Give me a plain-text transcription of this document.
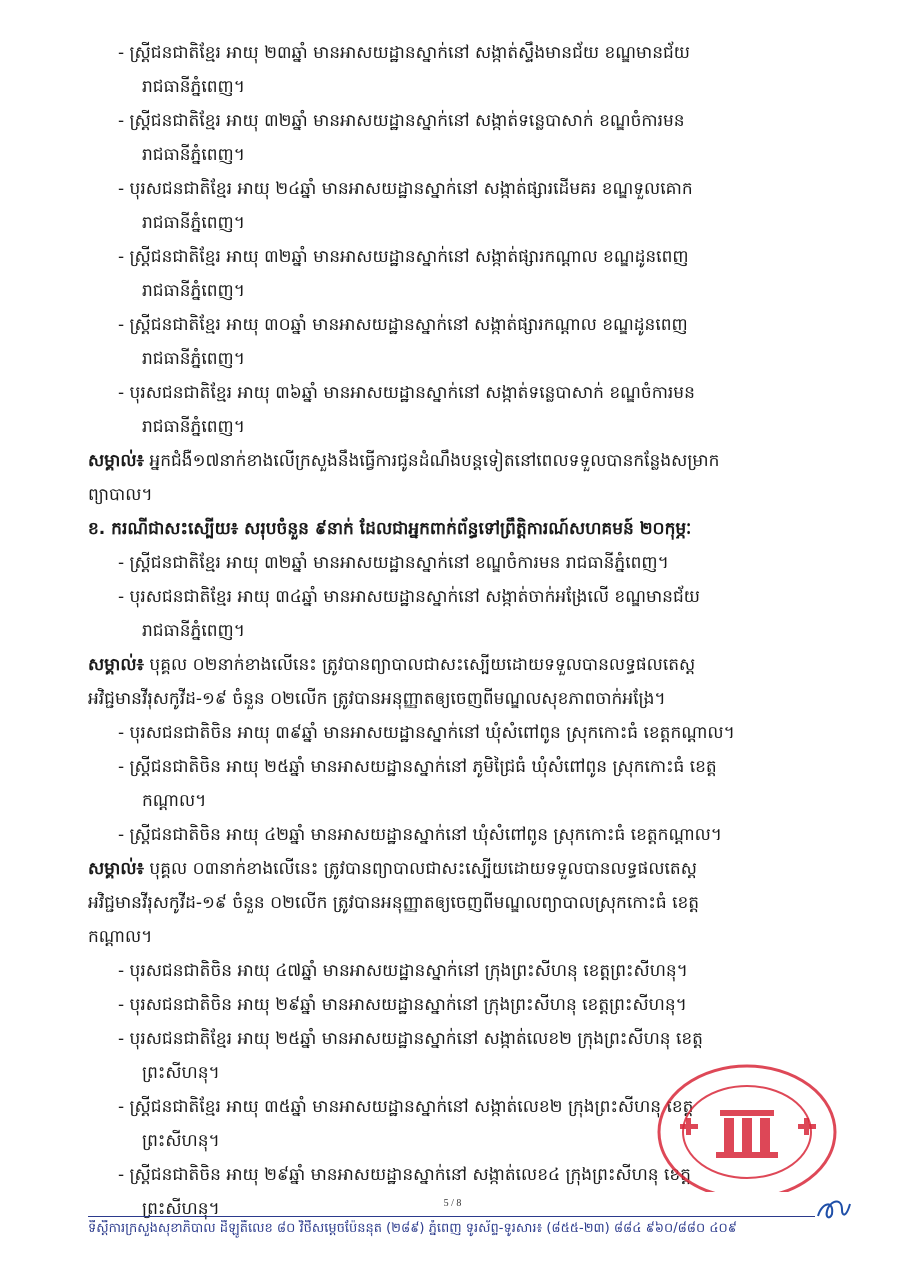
- ស្ត្រីជនជាតិខ្មែរ អាយុ ២៣ឆ្នាំ មានអាសយដ្ឋានស្នាក់នៅ សង្កាត់ស្ទឹងមានជ័យ ខណ្ឌមានជ័យ
រាជធានីភ្នំពេញ។
- ស្ត្រីជនជាតិខ្មែរ អាយុ ៣២ឆ្នាំ មានអាសយដ្ឋានស្នាក់នៅ សង្កាត់ទន្លេបាសាក់ ខណ្ឌចំការមន
រាជធានីភ្នំពេញ។
- បុរសជនជាតិខ្មែរ អាយុ ២៤ឆ្នាំ មានអាសយដ្ឋានស្នាក់នៅ សង្កាត់ផ្សារដើមគរ ខណ្ឌទួលគោក
រាជធានីភ្នំពេញ។
- ស្ត្រីជនជាតិខ្មែរ អាយុ ៣២ឆ្នាំ មានអាសយដ្ឋានស្នាក់នៅ សង្កាត់ផ្សារកណ្ដាល ខណ្ឌដូនពេញ
រាជធានីភ្នំពេញ។
- ស្ត្រីជនជាតិខ្មែរ អាយុ ៣០ឆ្នាំ មានអាសយដ្ឋានស្នាក់នៅ សង្កាត់ផ្សារកណ្ដាល ខណ្ឌដូនពេញ
រាជធានីភ្នំពេញ។
- បុរសជនជាតិខ្មែរ អាយុ ៣៦ឆ្នាំ មានអាសយដ្ឋានស្នាក់នៅ សង្កាត់ទន្លេបាសាក់ ខណ្ឌចំការមន
រាជធានីភ្នំពេញ។
សម្គាល់៖ អ្នកជំងឺ១៧នាក់ខាងលើក្រសួងនឹងធ្វើការជូនដំណឹងបន្តទៀតនៅពេលទទួលបានកន្លែងសម្រាក
ព្យាបាល។
ខ. ករណីជាសះស្បើយ៖ សរុបចំនួន ៩នាក់ ដែលជាអ្នកពាក់ព័ន្ធទៅព្រឹត្តិការណ៍សហគមន៍ ២០កុម្ភៈ
- ស្ត្រីជនជាតិខ្មែរ អាយុ ៣២ឆ្នាំ មានអាសយដ្ឋានស្នាក់នៅ ខណ្ឌចំការមន រាជធានីភ្នំពេញ។
- បុរសជនជាតិខ្មែរ អាយុ ៣៤ឆ្នាំ មានអាសយដ្ឋានស្នាក់នៅ សង្កាត់ចាក់អង្រែលើ ខណ្ឌមានជ័យ
រាជធានីភ្នំពេញ។
សម្គាល់៖ បុគ្គល ០២នាក់ខាងលើនេះ ត្រូវបានព្យាបាលជាសះស្បើយដោយទទួលបានលទ្ធផលតេស្ត
អវិជ្ជមានវីរុសកូវីដ-១៩ ចំនួន ០២លើក ត្រូវបានអនុញ្ញាតឲ្យចេញពីមណ្ឌលសុខភាពចាក់អង្រែ។
- បុរសជនជាតិចិន អាយុ ៣៩ឆ្នាំ មានអាសយដ្ឋានស្នាក់នៅ ឃុំសំពៅពូន ស្រុកកោះធំ ខេត្តកណ្ដាល។
- ស្ត្រីជនជាតិចិន អាយុ ២៥ឆ្នាំ មានអាសយដ្ឋានស្នាក់នៅ ភូមិជ្រៃធំ ឃុំសំពៅពូន ស្រុកកោះធំ ខេត្ត
កណ្ដាល។
- ស្ត្រីជនជាតិចិន អាយុ ៤២ឆ្នាំ មានអាសយដ្ឋានស្នាក់នៅ ឃុំសំពៅពូន ស្រុកកោះធំ ខេត្តកណ្ដាល។
សម្គាល់៖ បុគ្គល ០៣នាក់ខាងលើនេះ ត្រូវបានព្យាបាលជាសះស្បើយដោយទទួលបានលទ្ធផលតេស្ត
អវិជ្ជមានវីរុសកូវីដ-១៩ ចំនួន ០២លើក ត្រូវបានអនុញ្ញាតឲ្យចេញពីមណ្ឌលព្យាបាលស្រុកកោះធំ ខេត្ត
កណ្ដាល។
- បុរសជនជាតិចិន អាយុ ៤៧ឆ្នាំ មានអាសយដ្ឋានស្នាក់នៅ ក្រុងព្រះសីហនុ ខេត្តព្រះសីហនុ។
- បុរសជនជាតិចិន អាយុ ២៩ឆ្នាំ មានអាសយដ្ឋានស្នាក់នៅ ក្រុងព្រះសីហនុ ខេត្តព្រះសីហនុ។
- បុរសជនជាតិខ្មែរ អាយុ ២៥ឆ្នាំ មានអាសយដ្ឋានស្នាក់នៅ សង្កាត់លេខ២ ក្រុងព្រះសីហនុ ខេត្ត
ព្រះសីហនុ។
- ស្ត្រីជនជាតិខ្មែរ អាយុ ៣៥ឆ្នាំ មានអាសយដ្ឋានស្នាក់នៅ សង្កាត់លេខ២ ក្រុងព្រះសីហនុ ខេត្ត
ព្រះសីហនុ។
- ស្ត្រីជនជាតិចិន អាយុ ២៩ឆ្នាំ មានអាសយដ្ឋានស្នាក់នៅ សង្កាត់លេខ៤ ក្រុងព្រះសីហនុ ខេត្ត
ព្រះសីហនុ។	5 / 8
ទីស្តីការក្រសួងសុខាភិបាល ដីឡូតិ៍លេខ ៨០ វិថីសម្តេចប៉ែននុត (២៨៩) ភ្នំពេញ ទូរស័ព្ទ-ទូរសារ៖ (៨៥៥-២៣) ៨៨៤ ៩៦០/៨៨០ ៤០៩
